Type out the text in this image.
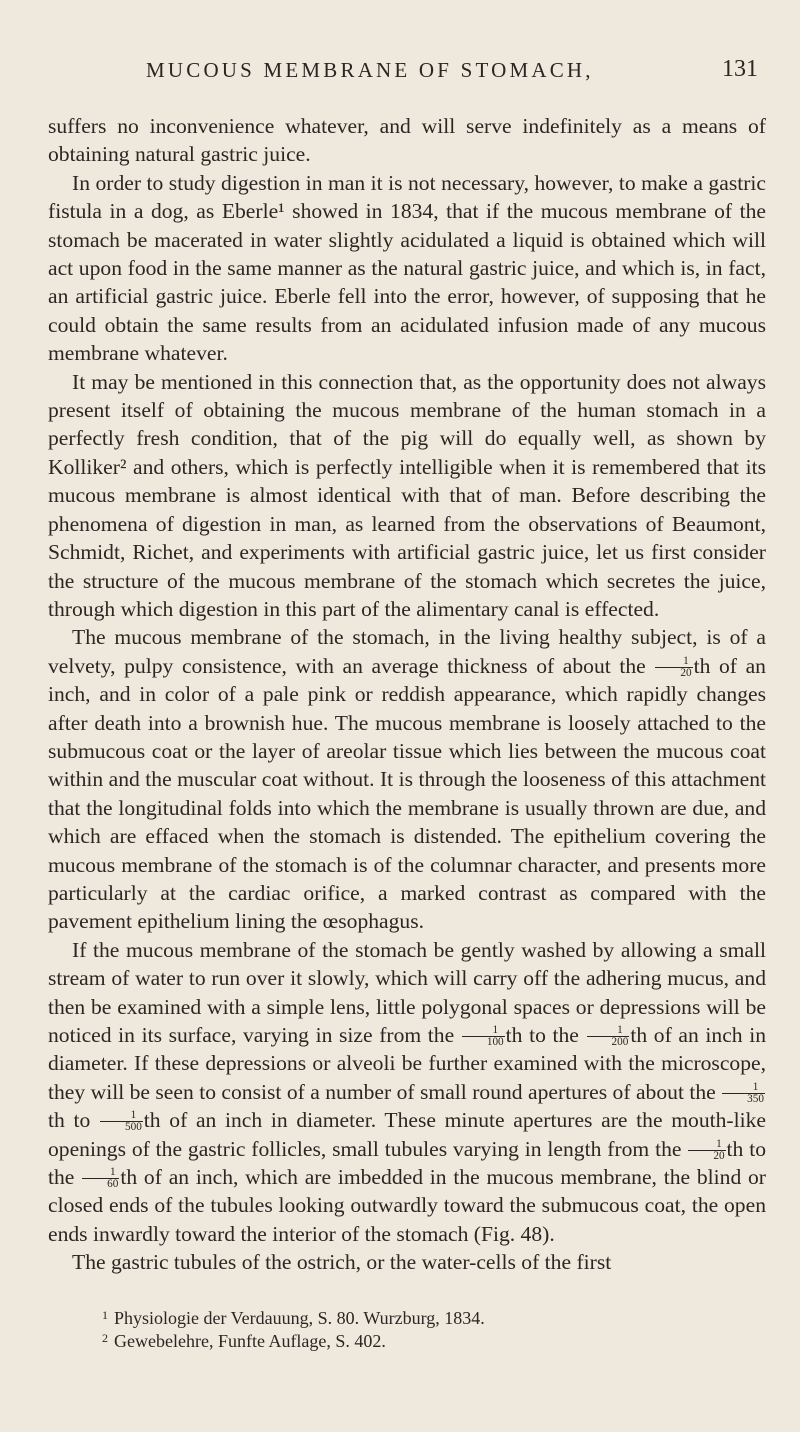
MUCOUS MEMBRANE OF STOMACH,	131

suffers no inconvenience whatever, and will serve indefinitely as a means of obtaining natural gastric juice.

In order to study digestion in man it is not necessary, however, to make a gastric fistula in a dog, as Eberle¹ showed in 1834, that if the mucous membrane of the stomach be macerated in water slightly acidulated a liquid is obtained which will act upon food in the same manner as the natural gastric juice, and which is, in fact, an artificial gastric juice. Eberle fell into the error, however, of supposing that he could obtain the same results from an acidulated infusion made of any mucous membrane whatever.

It may be mentioned in this connection that, as the opportunity does not always present itself of obtaining the mucous membrane of the human stomach in a perfectly fresh condition, that of the pig will do equally well, as shown by Kolliker² and others, which is perfectly intelligible when it is remembered that its mucous membrane is almost identical with that of man. Before describing the phenomena of digestion in man, as learned from the observations of Beaumont, Schmidt, Richet, and experiments with artificial gastric juice, let us first consider the structure of the mucous membrane of the stomach which secretes the juice, through which digestion in this part of the alimentary canal is effected.

The mucous membrane of the stomach, in the living healthy subject, is of a velvety, pulpy consistence, with an average thickness of about the $\frac{1}{20}$ th of an inch, and in color of a pale pink or reddish appearance, which rapidly changes after death into a brownish hue. The mucous membrane is loosely attached to the submucous coat or the layer of areolar tissue which lies between the mucous coat within and the muscular coat without. It is through the looseness of this attachment that the longitudinal folds into which the membrane is usually thrown are due, and which are effaced when the stomach is distended. The epithelium covering the mucous membrane of the stomach is of the columnar character, and presents more particularly at the cardiac orifice, a marked contrast as compared with the pavement epithelium lining the œsophagus.

If the mucous membrane of the stomach be gently washed by allowing a small stream of water to run over it slowly, which will carry off the adhering mucus, and then be examined with a simple lens, little polygonal spaces or depressions will be noticed in its surface, varying in size from the $\frac{1}{100}$ th to the $\frac{1}{200}$ th of an inch in diameter. If these depressions or alveoli be further examined with the microscope, they will be seen to consist of a number of small round apertures of about the $\frac{1}{350}$
th to $\frac{1}{500}$ th of an inch in diameter. These minute apertures are the mouth-like openings of the gastric follicles, small tubules varying in length from the $\frac{1}{20}$ th to the $\frac{1}{60}$ th of an inch, which are imbedded in the mucous membrane, the blind or closed ends of the tubules looking outwardly toward the submucous coat, the open ends inwardly toward the interior of the stomach (Fig. 48).

The gastric tubules of the ostrich, or the water-cells of the first

$^1$ Physiologie der Verdauung, S. 80. Wurzburg, 1834.
$^2$ Gewebelehre, Funfte Auflage, S. 402.
